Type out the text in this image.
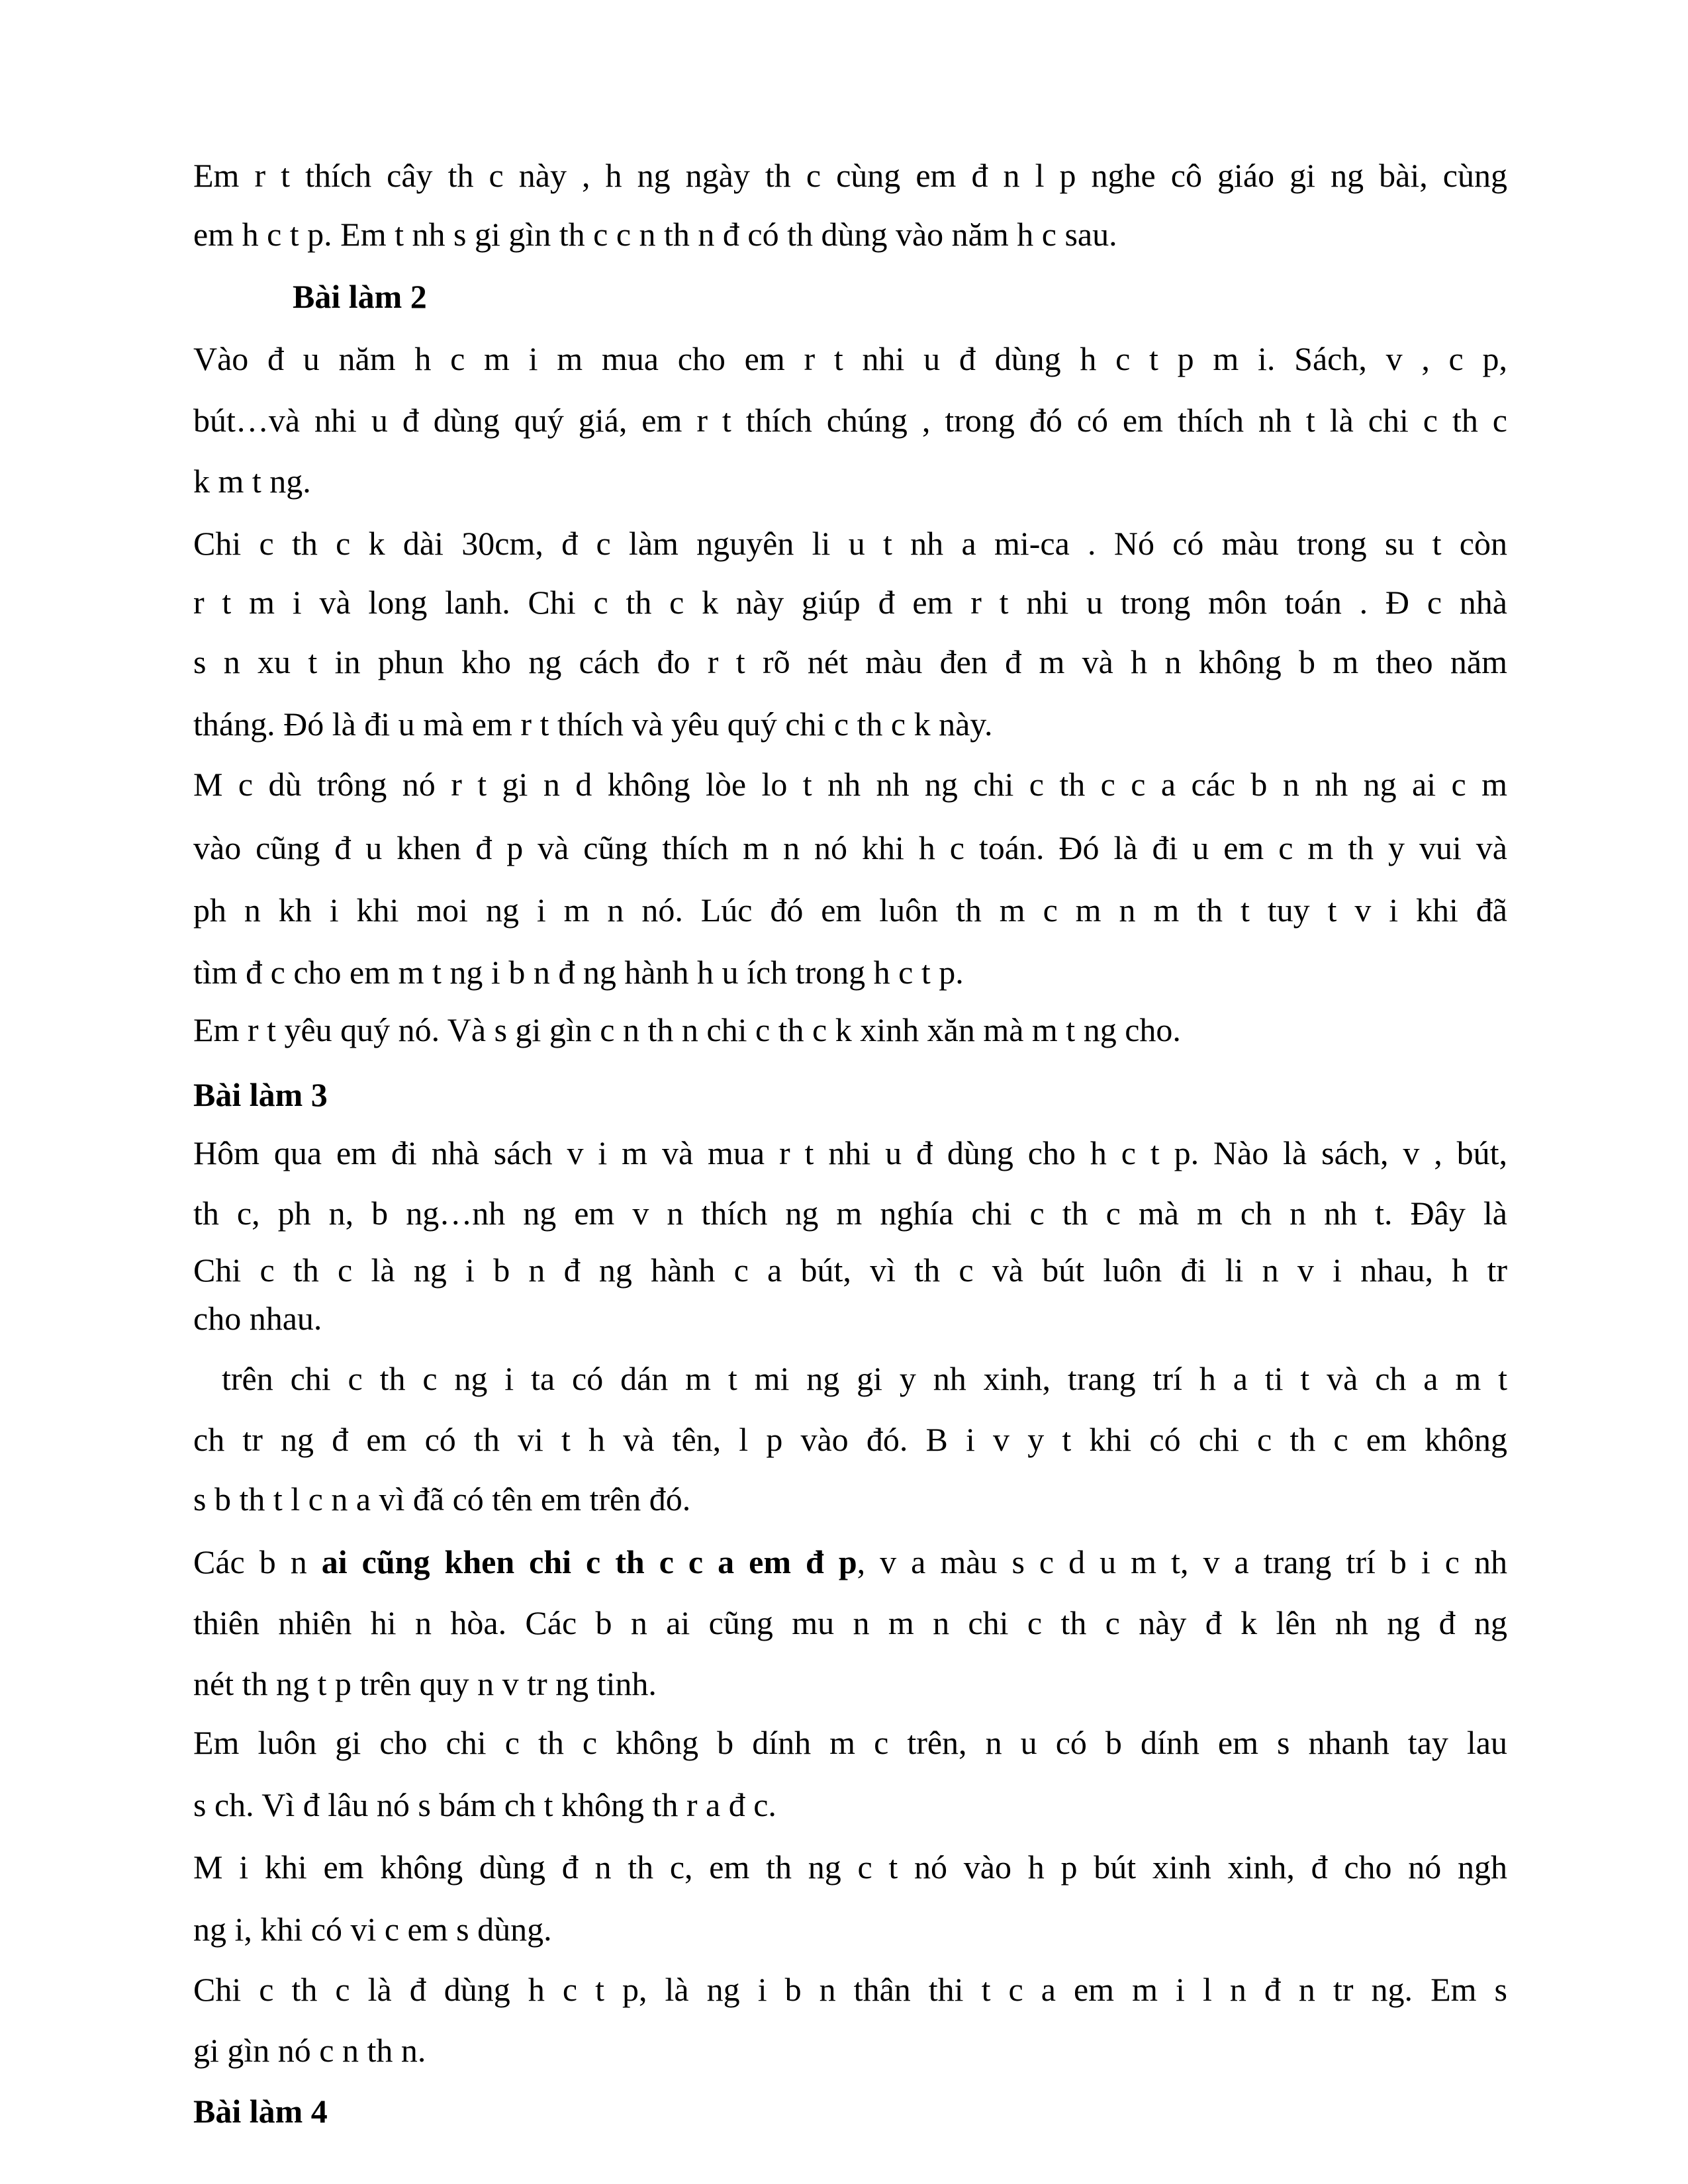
Em r t thích cây th c này , h ng ngày th c cùng em đ n l p nghe cô giáo gi ng bài, cùng
em h c t p. Em t nh s gi gìn th c c n th n đ có th dùng vào năm h c sau.
Bài làm 2
Vào đ u năm h c m i m mua cho em r t nhi u đ dùng h c t p m i. Sách, v , c p,
bút…và nhi u đ dùng quý giá, em r t thích chúng , trong đó có em thích nh t là chi c th c
k m t ng.
Chi c th c k dài 30cm, đ c làm nguyên li u t nh a mi-ca . Nó có màu trong su t còn
r t m i và long lanh. Chi c th c k này giúp đ em r t nhi u trong môn toán . Đ c nhà
s n xu t in phun kho ng cách đo r t rõ nét màu đen đ m và h n không b m theo năm
tháng. Đó là đi u mà em r t thích và yêu quý chi c th c k này.
M c dù trông nó r t gi n d không lòe lo t nh nh ng chi c th c c a các b n nh ng ai c m
vào cũng đ u khen đ p và cũng thích m n nó khi h c toán. Đó là đi u em c m th y vui và
ph n kh i khi moi ng i m n nó. Lúc đó em luôn th m c m n m th t tuy t v i khi đã
tìm đ c cho em m t ng i b n đ ng hành h u ích trong h c t p.
Em r t yêu quý nó. Và s gi gìn c n th n chi c th c k xinh xăn mà m t ng cho.
Bài làm 3
Hôm qua em đi nhà sách v i m và mua r t nhi u đ dùng cho h c t p. Nào là sách, v , bút,
th c, ph n, b ng…nh ng em v n thích ng m nghía chi c th c mà m ch n nh t. Đây là
Chi c th c là ng i b n đ ng hành c a bút, vì th c và bút luôn đi li n v i nhau, h tr
cho nhau.
trên chi c th c ng i ta có dán m t mi ng gi y nh xinh, trang trí h a ti t và ch a m t
ch tr ng đ em có th vi t h và tên, l p vào đó. B i v y t khi có chi c th c em không
s b th t l c n a vì đã có tên em trên đó.
Các b n ai cũng khen chi c th c c a em đ p, v a màu s c d u m t, v a trang trí b i c nh
thiên nhiên hi n hòa. Các b n ai cũng mu n m n chi c th c này đ k lên nh ng đ ng
nét th ng t p trên quy n v tr ng tinh.
Em luôn gi cho chi c th c không b dính m c trên, n u có b dính em s nhanh tay lau
s ch. Vì đ lâu nó s bám ch t không th r a đ c.
M i khi em không dùng đ n th c, em th ng c t nó vào h p bút xinh xinh, đ cho nó ngh
ng i, khi có vi c em s dùng.
Chi c th c là đ dùng h c t p, là ng i b n thân thi t c a em m i l n đ n tr ng. Em s
gi gìn nó c n th n.
Bài làm 4
